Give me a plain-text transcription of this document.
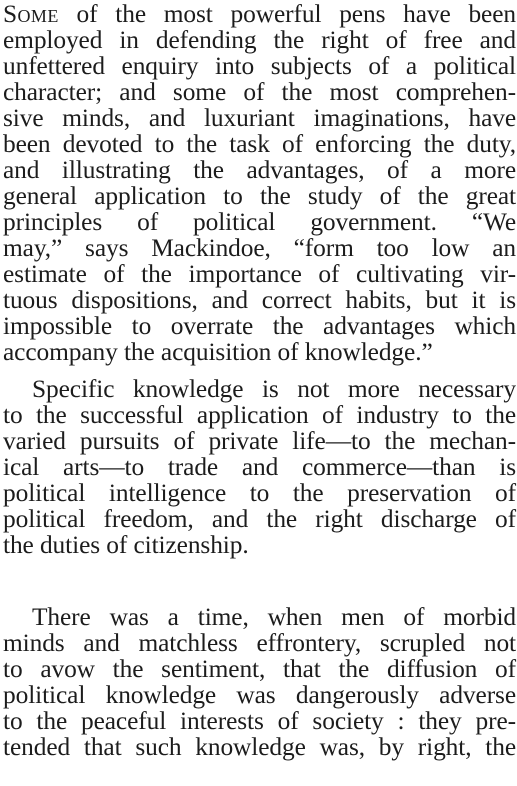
Some of the most powerful pens have been
employed in defending the right of free and
unfettered enquiry into subjects of a political
character; and some of the most comprehen-
sive minds, and luxuriant imaginations, have
been devoted to the task of enforcing the duty,
and illustrating the advantages, of a more
general application to the study of the great
principles of political government. “We
may,” says Mackindoe, “form too low an
estimate of the importance of cultivating vir-
tuous dispositions, and correct habits, but it is
impossible to overrate the advantages which
accompany the acquisition of knowledge.”
Specific knowledge is not more necessary
to the successful application of industry to the
varied pursuits of private life—to the mechan-
ical arts—to trade and commerce—than is
political intelligence to the preservation of
political freedom, and the right discharge of
the duties of citizenship.
There was a time, when men of morbid
minds and matchless effrontery, scrupled not
to avow the sentiment, that the diffusion of
political knowledge was dangerously adverse
to the peaceful interests of society : they pre-
tended that such knowledge was, by right, the
